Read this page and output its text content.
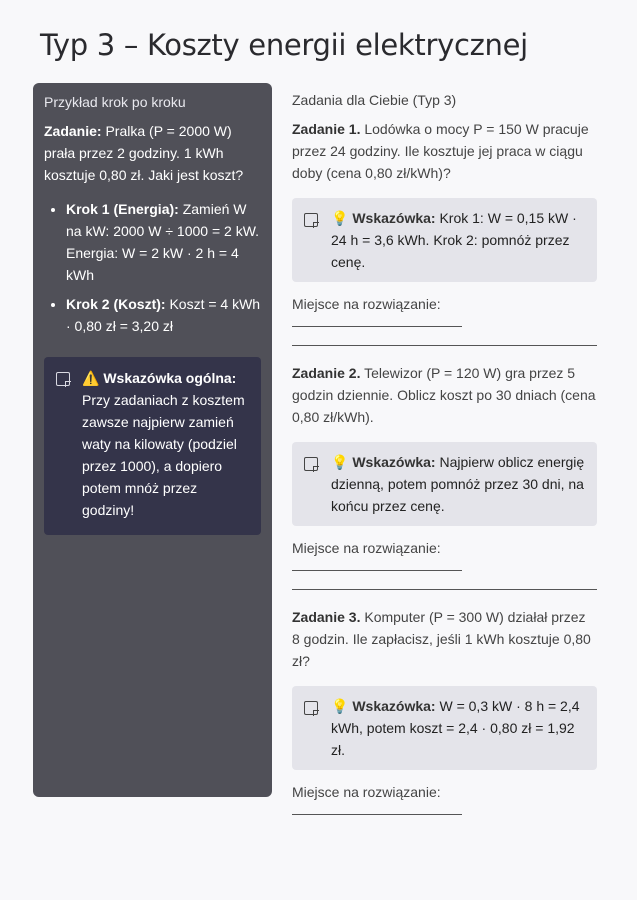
Typ 3 – Koszty energii elektrycznej
Przykład krok po kroku

Zadanie: Pralka (P = 2000 W) prała przez 2 godziny. 1 kWh kosztuje 0,80 zł. Jaki jest koszt?

• Krok 1 (Energia): Zamień W na kW: 2000 W ÷ 1000 = 2 kW. Energia: W = 2 kW · 2 h = 4 kWh
• Krok 2 (Koszt): Koszt = 4 kWh · 0,80 zł = 3,20 zł
⚠️ Wskazówka ogólna:
Przy zadaniach z kosztem zawsze najpierw zamień waty na kilowaty (podziel przez 1000), a dopiero potem mnóż przez godziny!
Zadania dla Ciebie (Typ 3)

Zadanie 1. Lodówka o mocy P = 150 W pracuje przez 24 godziny. Ile kosztuje jej praca w ciągu doby (cena 0,80 zł/kWh)?

💡 Wskazówka: Krok 1: W = 0,15 kW · 24 h = 3,6 kWh. Krok 2: pomnóż przez cenę.
Miejsce na rozwiązanie:

Zadanie 2. Telewizor (P = 120 W) gra przez 5 godzin dziennie. Oblicz koszt po 30 dniach (cena 0,80 zł/kWh).

💡 Wskazówka: Najpierw oblicz energię dzienną, potem pomnóż przez 30 dni, na końcu przez cenę.
Miejsce na rozwiązanie:

Zadanie 3. Komputer (P = 300 W) działał przez 8 godzin. Ile zapłacisz, jeśli 1 kWh kosztuje 0,80 zł?

💡 Wskazówka: W = 0,3 kW · 8 h = 2,4 kWh, potem koszt = 2,4 · 0,80 zł = 1,92 zł.
Miejsce na rozwiązanie:
